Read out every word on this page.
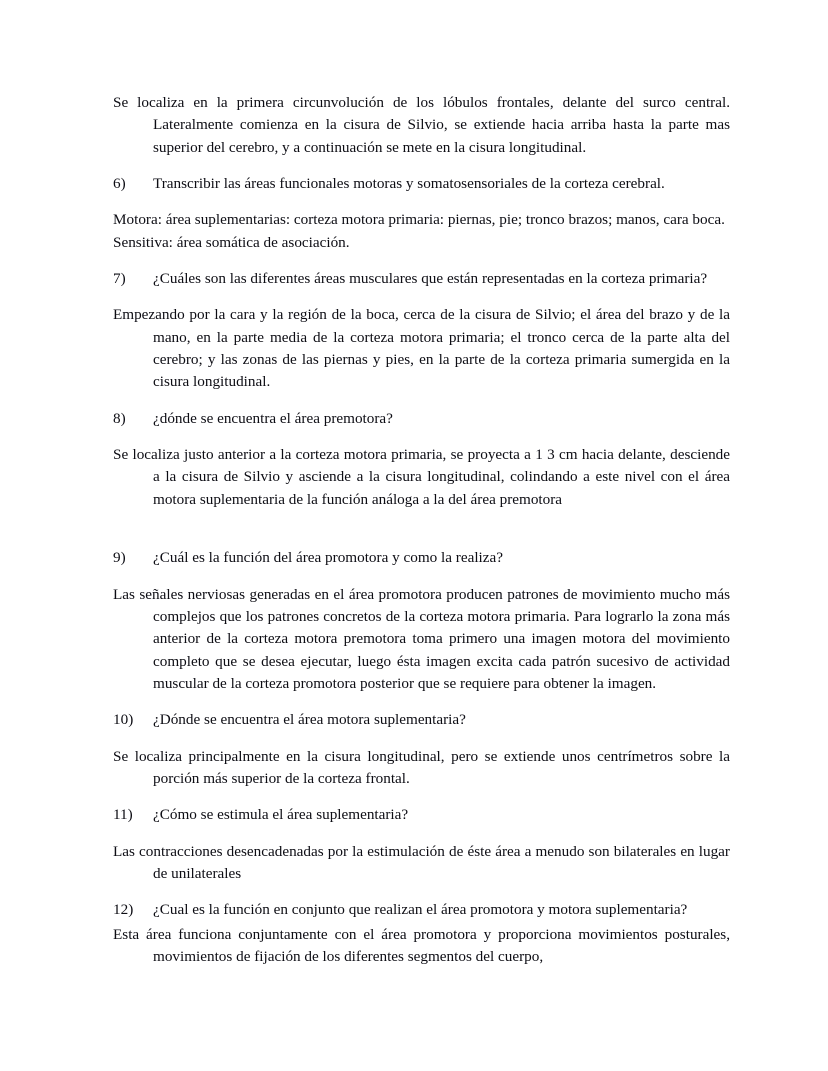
Se localiza en la primera circunvolución de los lóbulos frontales, delante del surco central. Lateralmente comienza en la cisura de Silvio, se extiende hacia arriba hasta la parte mas superior del cerebro, y a continuación se mete en la cisura longitudinal.

6)	Transcribir las áreas funcionales motoras y somatosensoriales de la corteza cerebral.

Motora: área suplementarias: corteza motora primaria: piernas, pie; tronco brazos; manos, cara boca.

Sensitiva: área somática de asociación.

7)	¿Cuáles son las diferentes áreas musculares que están representadas en la corteza primaria?

Empezando por la cara y la región de la boca, cerca de la cisura de Silvio; el área del brazo y de la mano, en la parte media de la corteza motora primaria; el tronco cerca de la parte alta del cerebro; y las zonas de las piernas y pies, en la parte de la corteza primaria sumergida en la cisura longitudinal.

8)	¿dónde se encuentra el área premotora?

Se localiza justo anterior a la corteza motora primaria, se proyecta a 1 3 cm hacia delante, desciende a la cisura de Silvio y asciende a la cisura longitudinal, colindando a este nivel con el área motora suplementaria de la función análoga a la del área premotora

9)	¿Cuál es la función del área promotora y como la realiza?

Las señales nerviosas generadas en el área promotora producen patrones de movimiento mucho más complejos que los patrones concretos de la corteza motora primaria. Para lograrlo la zona más anterior de la corteza motora premotora toma primero una imagen motora del movimiento completo que se desea ejecutar, luego ésta imagen excita cada patrón sucesivo de actividad muscular de la corteza promotora posterior que se requiere para obtener la imagen.

10)	¿Dónde se encuentra el área motora suplementaria?

Se localiza principalmente en la cisura longitudinal, pero se extiende unos centrímetros sobre la porción más superior de la corteza frontal.

11)	¿Cómo se estimula el área suplementaria?

Las contracciones desencadenadas por la estimulación de éste área a menudo son bilaterales en lugar de unilaterales

12)	¿Cual es la función en conjunto que realizan el área promotora y motora suplementaria?

Esta área funciona conjuntamente con el área promotora y proporciona movimientos posturales, movimientos de fijación de los diferentes segmentos del cuerpo,
